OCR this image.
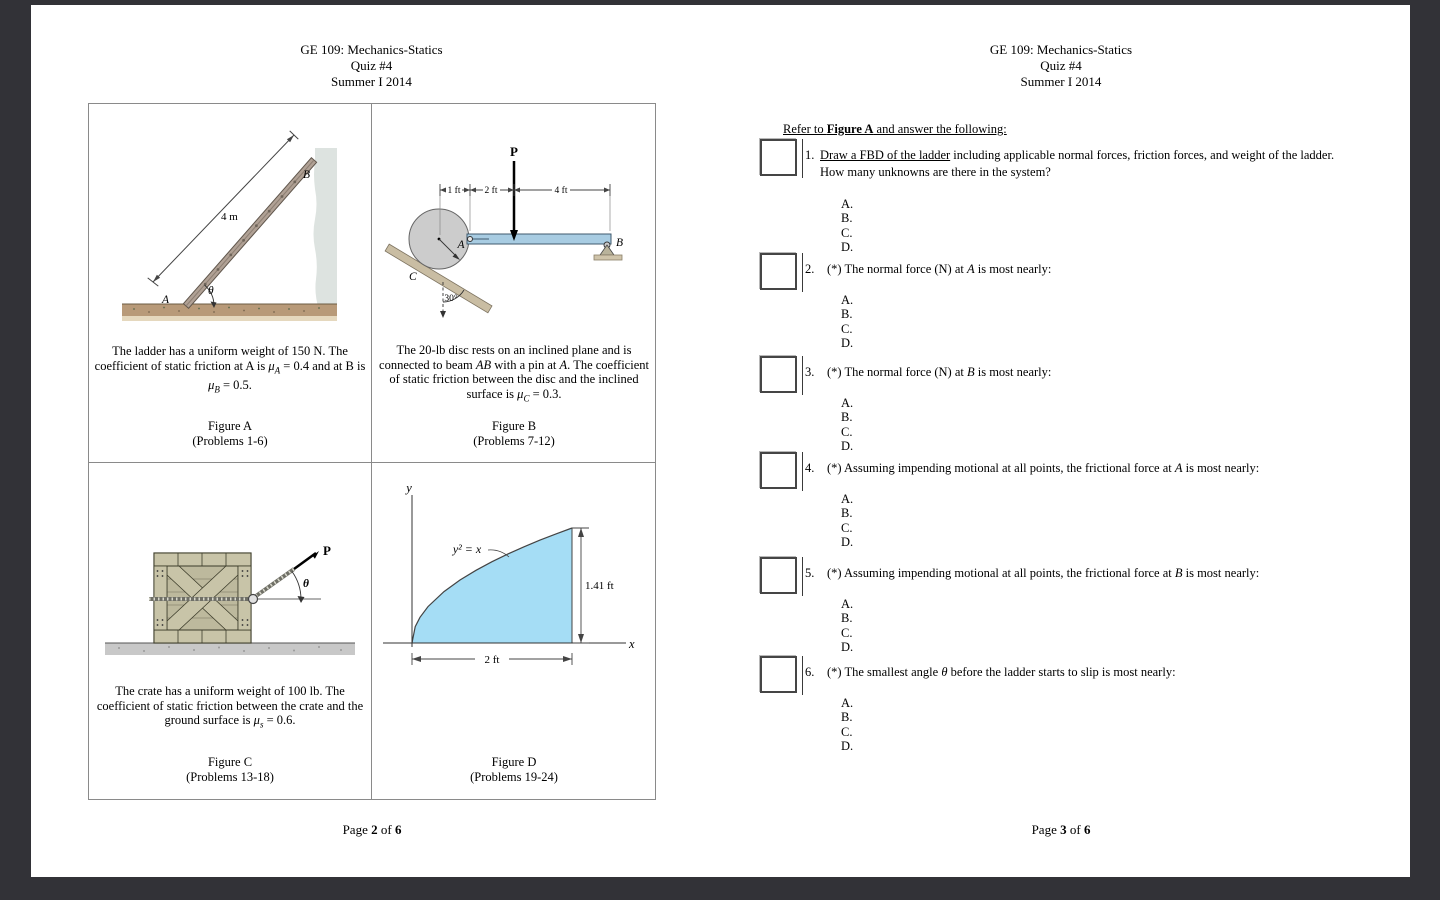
GE 109: Mechanics-Statics
Quiz #4
Summer I 2014
4 m
θ
A
B
The ladder has a uniform weight of 150 N. The coefficient of static friction at A is $\mu_A = 0.4$ and at B is $\mu_B = 0.5$.
Figure A
(Problems 1-6)
1 ft	2 ft	4 ft
P
A	B
C
30°
The 20-lb disc rests on an inclined plane and is connected to beam AB with a pin at A. The coefficient of static friction between the disc and the inclined surface is $\mu_C = 0.3$.
Figure B
(Problems 7-12)
P
θ
The crate has a uniform weight of 100 lb. The coefficient of static friction between the crate and the ground surface is $\mu_s = 0.6$.
Figure C
(Problems 13-18)
y² = x
1.41 ft
2 ft
x
y
Figure D
(Problems 19-24)
Page 2 of 6
GE 109: Mechanics-Statics
Quiz #4
Summer I 2014
Refer to Figure A and answer the following:
1. Draw a FBD of the ladder including applicable normal forces, friction forces, and weight of the ladder.
How many unknowns are there in the system?
A.
B.
C.
D.
2. (*) The normal force (N) at A is most nearly:
A.
B.
C.
D.
3. (*) The normal force (N) at B is most nearly:
A.
B.
C.
D.
4. (*) Assuming impending motional at all points, the frictional force at A is most nearly:
A.
B.
C.
D.
5. (*) Assuming impending motional at all points, the frictional force at B is most nearly:
A.
B.
C.
D.
6. (*) The smallest angle θ before the ladder starts to slip is most nearly:
A.
B.
C.
D.
Page 3 of 6
